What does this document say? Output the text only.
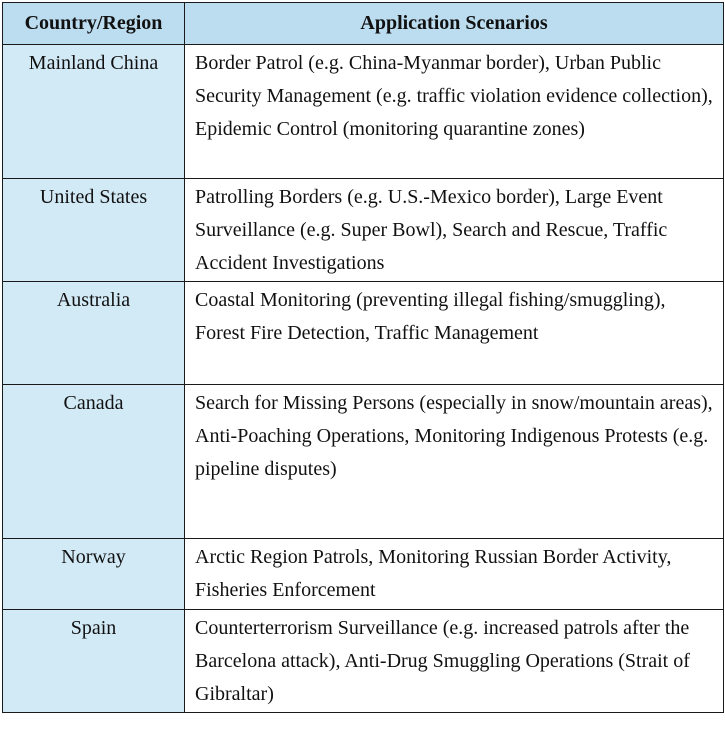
Country/Region	Application Scenarios
Mainland China	Border Patrol (e.g. China-Myanmar border), Urban Public Security Management (e.g. traffic violation evidence collection), Epidemic Control (monitoring quarantine zones)
United States	Patrolling Borders (e.g. U.S.-Mexico border), Large Event Surveillance (e.g. Super Bowl), Search and Rescue, Traffic Accident Investigations
Australia	Coastal Monitoring (preventing illegal fishing/smuggling), Forest Fire Detection, Traffic Management
Canada	Search for Missing Persons (especially in snow/mountain areas), Anti-Poaching Operations, Monitoring Indigenous Protests (e.g. pipeline disputes)
Norway	Arctic Region Patrols, Monitoring Russian Border Activity, Fisheries Enforcement
Spain	Counterterrorism Surveillance (e.g. increased patrols after the Barcelona attack), Anti-Drug Smuggling Operations (Strait of Gibraltar)
